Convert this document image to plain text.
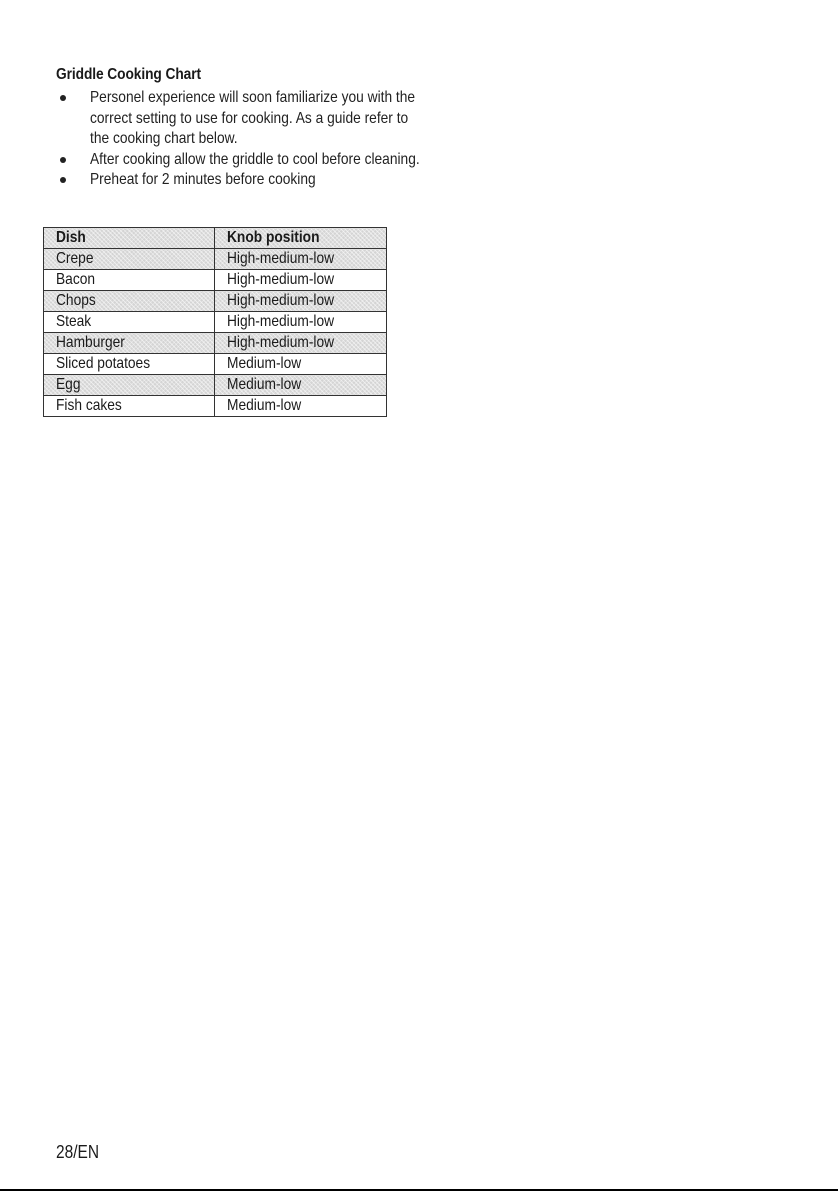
Griddle Cooking Chart
Personel experience will soon familiarize you with the correct setting to use for cooking. As a guide refer to the cooking chart below.
After cooking allow the griddle to cool before cleaning.
Preheat for 2 minutes before cooking
Dish	Knob position
Crepe	High-medium-low
Bacon	High-medium-low
Chops	High-medium-low
Steak	High-medium-low
Hamburger	High-medium-low
Sliced potatoes	Medium-low
Egg	Medium-low
Fish cakes	Medium-low
28/EN
